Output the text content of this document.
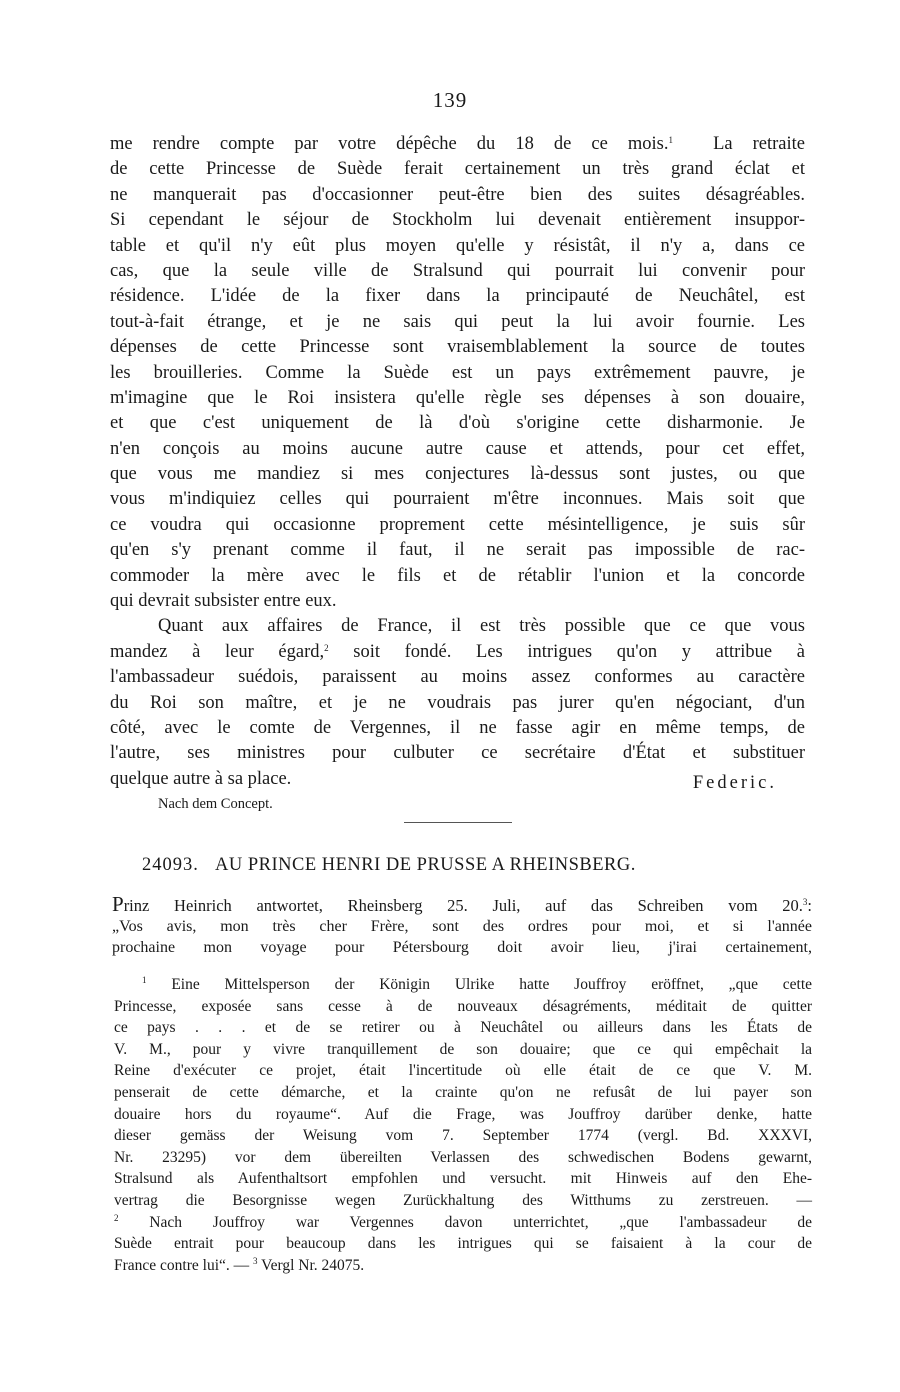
139
me rendre compte par votre dépêche du 18 de ce mois.$^1$ La retraite
de cette Princesse de Suède ferait certainement un très grand éclat et
ne manquerait pas d'occasionner peut-être bien des suites désagréables.
Si cependant le séjour de Stockholm lui devenait entièrement insuppor-
table et qu'il n'y eût plus moyen qu'elle y résistât, il n'y a, dans ce
cas, que la seule ville de Stralsund qui pourrait lui convenir pour
résidence. L'idée de la fixer dans la principauté de Neuchâtel, est
tout-à-fait étrange, et je ne sais qui peut la lui avoir fournie. Les
dépenses de cette Princesse sont vraisemblablement la source de toutes
les brouilleries. Comme la Suède est un pays extrêmement pauvre, je
m'imagine que le Roi insistera qu'elle règle ses dépenses à son douaire,
et que c'est uniquement de là d'où s'origine cette disharmonie. Je
n'en conçois au moins aucune autre cause et attends, pour cet effet,
que vous me mandiez si mes conjectures là-dessus sont justes, ou que
vous m'indiquiez celles qui pourraient m'être inconnues. Mais soit que
ce voudra qui occasionne proprement cette mésintelligence, je suis sûr
qu'en s'y prenant comme il faut, il ne serait pas impossible de rac-
commoder la mère avec le fils et de rétablir l'union et la concorde
qui devrait subsister entre eux.
Quant aux affaires de France, il est très possible que ce que vous
mandez à leur égard,$^2$ soit fondé. Les intrigues qu'on y attribue à
l'ambassadeur suédois, paraissent au moins assez conformes au caractère
du Roi son maître, et je ne voudrais pas jurer qu'en négociant, d'un
côté, avec le comte de Vergennes, il ne fasse agir en même temps, de
l'autre, ses ministres pour culbuter ce secrétaire d'État et substituer
quelque autre à sa place.	Federic.
Nach dem Concept.
24093. AU PRINCE HENRI DE PRUSSE A RHEINSBERG.
Prinz Heinrich antwortet, Rheinsberg 25. Juli, auf das Schreiben vom 20.$^3$:
„Vos avis, mon très cher Frère, sont des ordres pour moi, et si l'année
prochaine mon voyage pour Pétersbourg doit avoir lieu, j'irai certainement,
$^1$ Eine Mittelsperson der Königin Ulrike hatte Jouffroy eröffnet, „que cette
Princesse, exposée sans cesse à de nouveaux désagréments, méditait de quitter
ce pays . . . et de se retirer ou à Neuchâtel ou ailleurs dans les États de
V. M., pour y vivre tranquillement de son douaire; que ce qui empêchait la
Reine d'exécuter ce projet, était l'incertitude où elle était de ce que V. M.
penserait de cette démarche, et la crainte qu'on ne refusât de lui payer son
douaire hors du royaume“. Auf die Frage, was Jouffroy darüber denke, hatte
dieser gemäss der Weisung vom 7. September 1774 (vergl. Bd. XXXVI,
Nr. 23295) vor dem übereilten Verlassen des schwedischen Bodens gewarnt,
Stralsund als Aufenthaltsort empfohlen und versucht. mit Hinweis auf den Ehe-
vertrag die Besorgnisse wegen Zurückhaltung des Witthums zu zerstreuen. —
$^2$ Nach Jouffroy war Vergennes davon unterrichtet, „que l'ambassadeur de
Suède entrait pour beaucoup dans les intrigues qui se faisaient à la cour de
France contre lui“. — $^3$ Vergl Nr. 24075.
